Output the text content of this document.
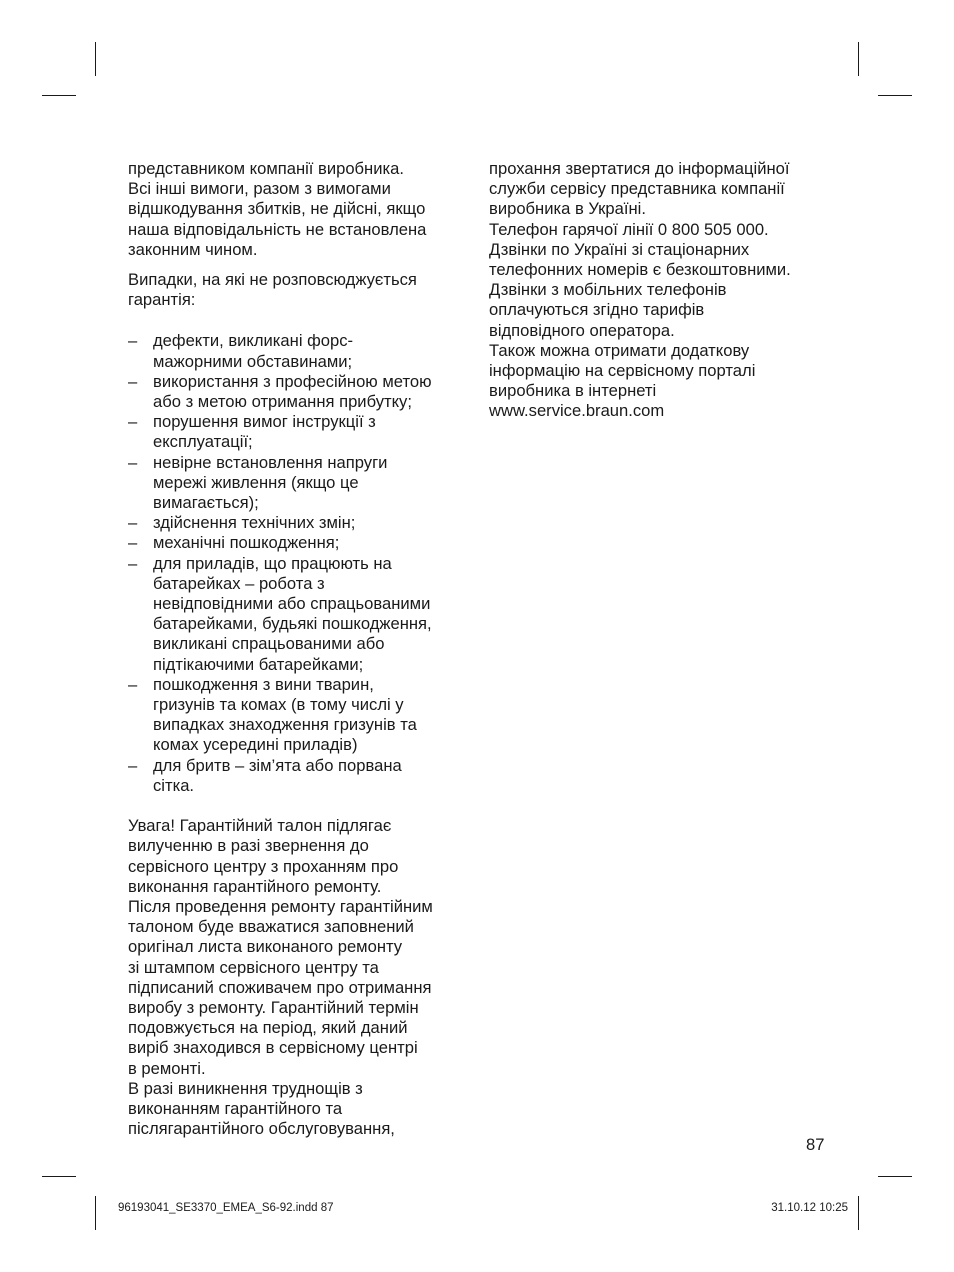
представником компанії виробника.
Всі інші вимоги, разом з вимогами
відшкодування збитків, не дійсні, якщо
наша відповідальність не встановлена
законним чином.

Випадки, на які не розповсюджується
гарантія:

– дефекти, викликані форс-
мажорними обставинами;
– використання з професійною метою
або з метою отримання прибутку;
– порушення вимог інструкції з
експлуатації;
– невірне встановлення напруги
мережі живлення (якщо це
вимагається);
– здійснення технічних змін;
– механічні пошкодження;
– для приладів, що працюють на
батарейках – робота з
невідповідними або спрацьованими
батарейками, будьякі пошкодження,
викликані спрацьованими або
підтікаючими батарейками;
– пошкодження з вини тварин,
гризунів та комах (в тому числі у
випадках знаходження гризунів та
комах усередині приладів)
– для бритв – зім’ята або порвана
сітка.

Увага! Гарантійний талон підлягає
вилученню в разі звернення до
сервісного центру з проханням про
виконання гарантійного ремонту.
Після проведення ремонту гарантійним
талоном буде вважатися заповнений
оригінал листа виконаного ремонту
зі штампом сервісного центру та
підписаний споживачем про отримання
виробу з ремонту. Гарантійний термін
подовжується на період, який даний
виріб знаходився в сервісному центрі
в ремонті.
В разі виникнення труднощів з
виконанням гарантійного та
післягарантійного обслуговування,

прохання звертатися до інформаційної
служби сервісу представника компанії
виробника в Україні.
Телефон гарячої лінії 0 800 505 000.
Дзвінки по Україні зі стаціонарних
телефонних номерів є безкоштовними.
Дзвінки з мобільних телефонів
оплачуються згідно тарифів
відповідного оператора.
Також можна отримати додаткову
інформацію на сервісному порталі
виробника в інтернеті
www.service.braun.com

87
96193041_SE3370_EMEA_S6-92.indd 87	31.10.12 10:25
